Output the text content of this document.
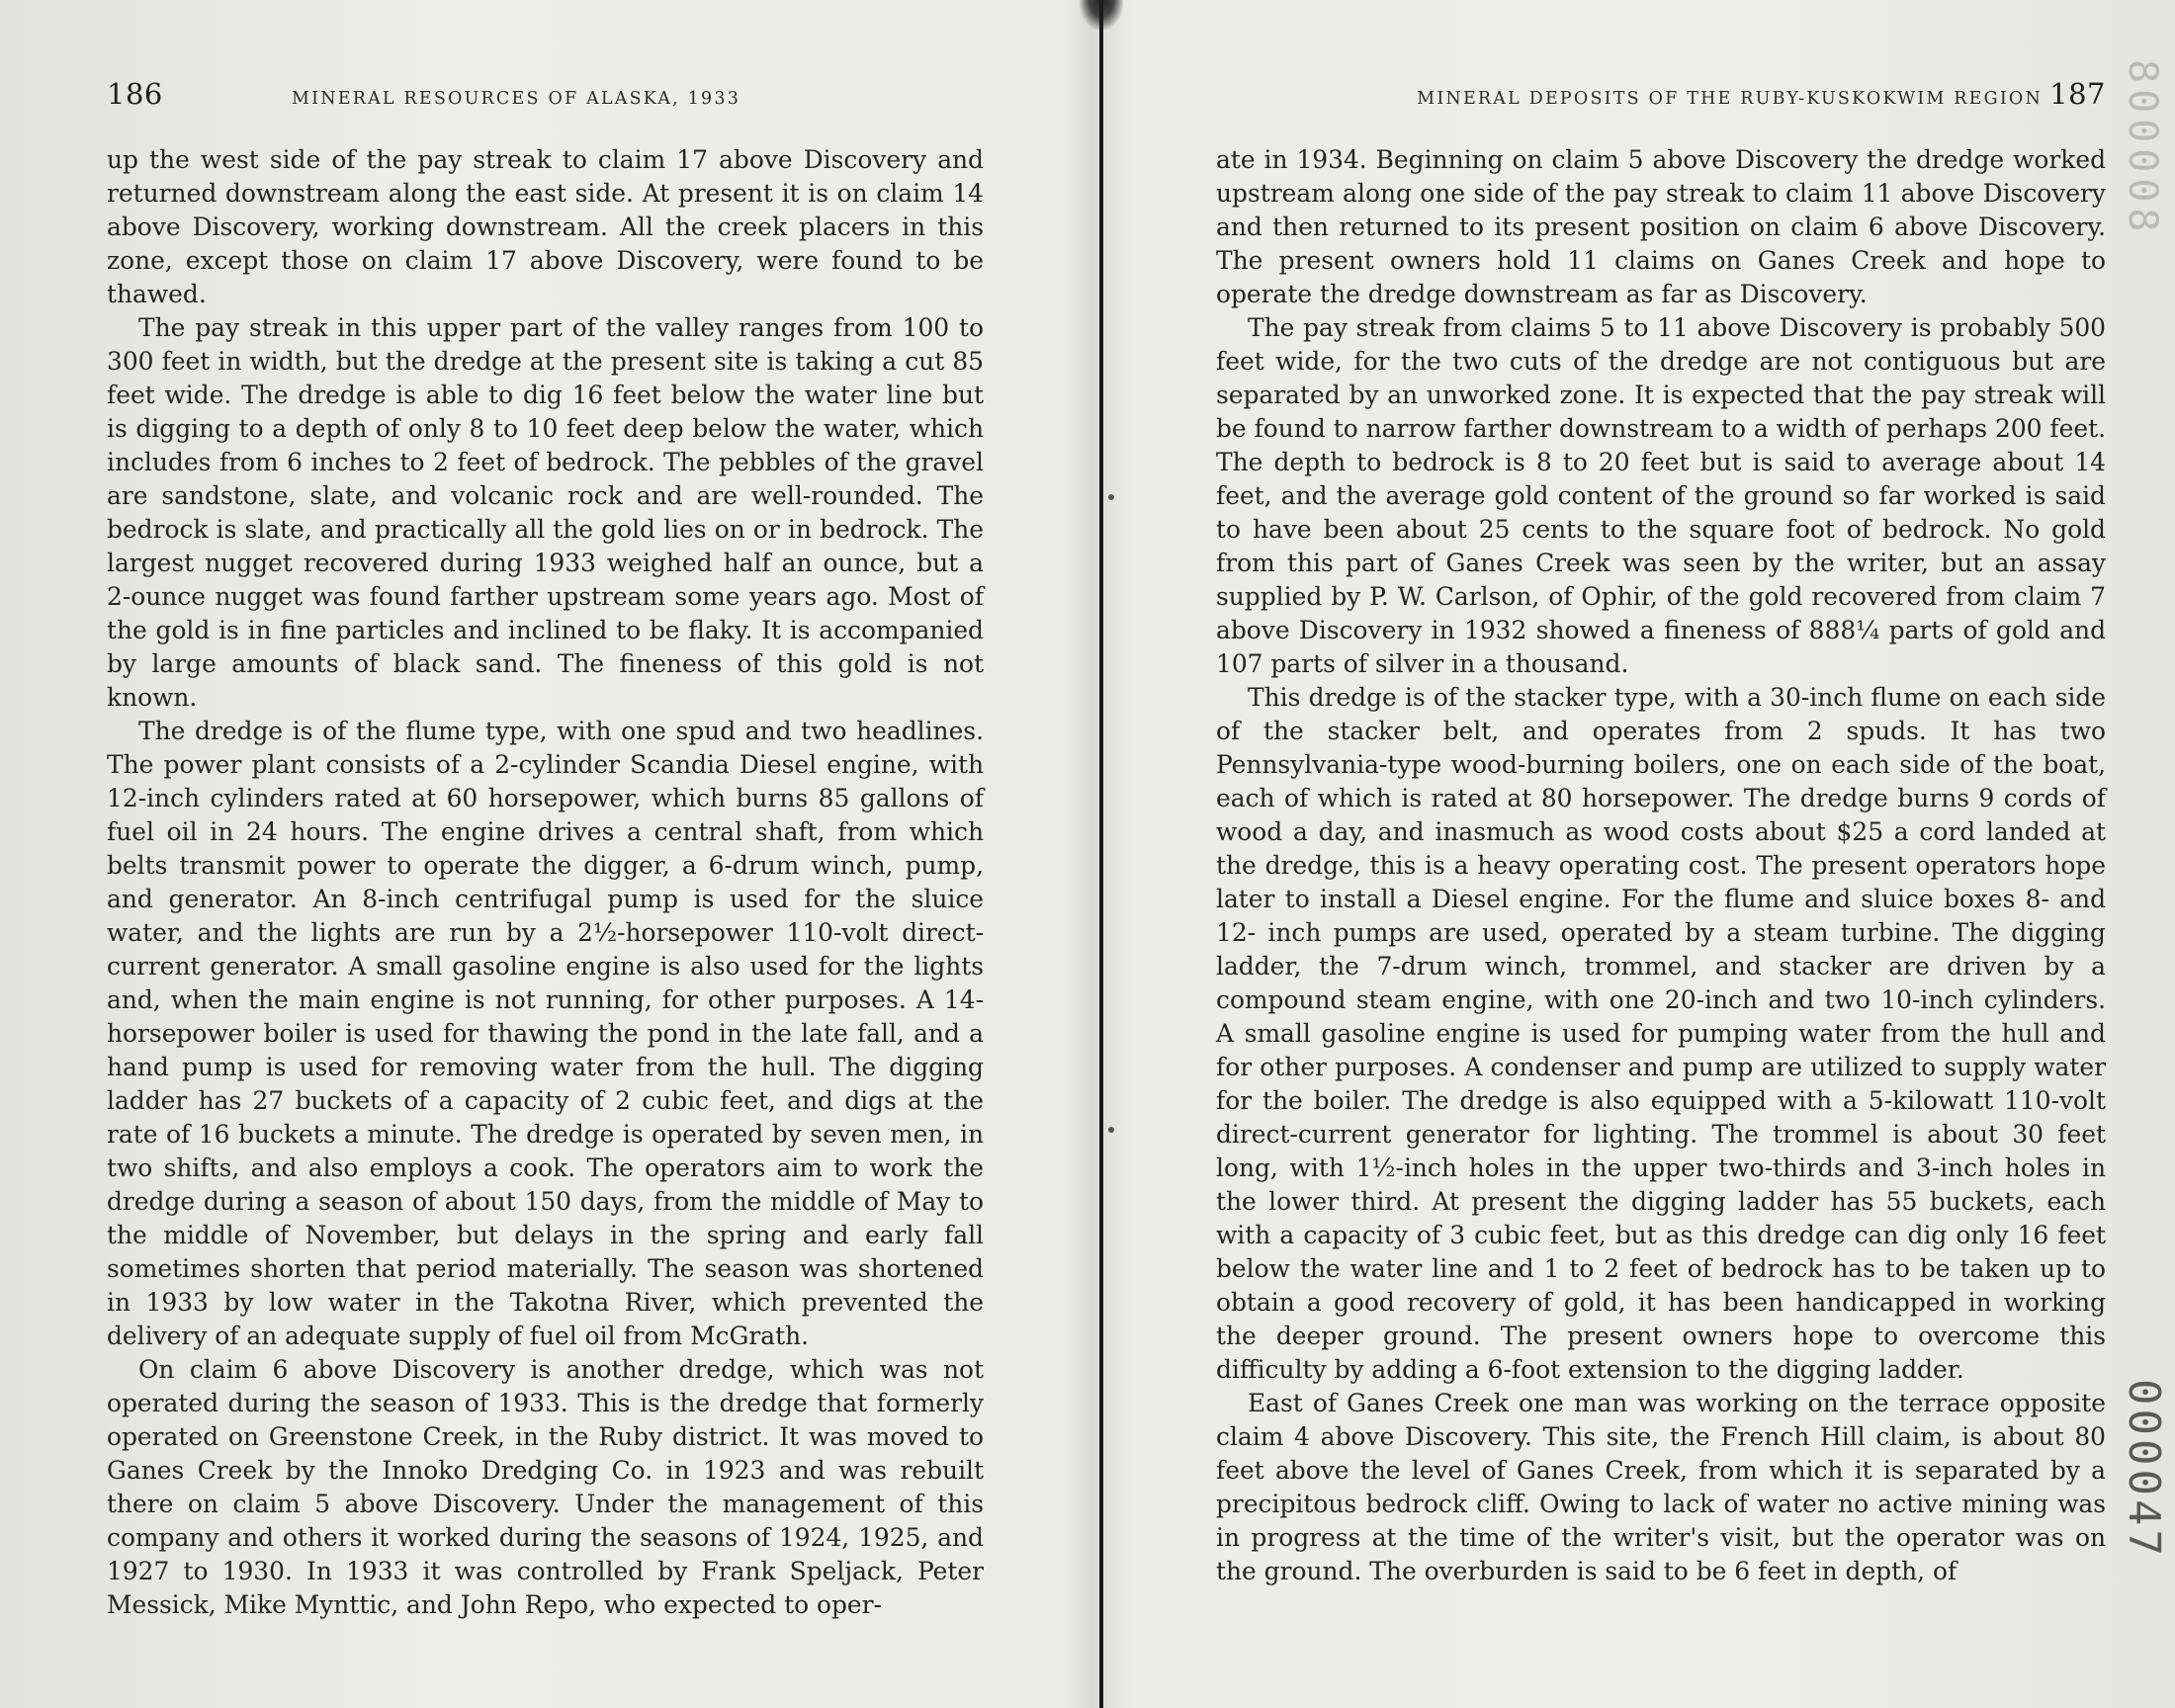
186	MINERAL RESOURCES OF ALASKA, 1933

up the west side of the pay streak to claim 17 above Discovery and returned downstream along the east side. At present it is on claim 14 above Discovery, working downstream. All the creek placers in this zone, except those on claim 17 above Discovery, were found to be thawed.

The pay streak in this upper part of the valley ranges from 100 to 300 feet in width, but the dredge at the present site is taking a cut 85 feet wide. The dredge is able to dig 16 feet below the water line but is digging to a depth of only 8 to 10 feet deep below the water, which includes from 6 inches to 2 feet of bedrock. The pebbles of the gravel are sandstone, slate, and volcanic rock and are well-rounded. The bedrock is slate, and practically all the gold lies on or in bedrock. The largest nugget recovered during 1933 weighed half an ounce, but a 2-ounce nugget was found farther upstream some years ago. Most of the gold is in fine particles and inclined to be flaky. It is accompanied by large amounts of black sand. The fineness of this gold is not known.

The dredge is of the flume type, with one spud and two headlines. The power plant consists of a 2-cylinder Scandia Diesel engine, with 12-inch cylinders rated at 60 horsepower, which burns 85 gallons of fuel oil in 24 hours. The engine drives a central shaft, from which belts transmit power to operate the digger, a 6-drum winch, pump, and generator. An 8-inch centrifugal pump is used for the sluice water, and the lights are run by a 2½-horsepower 110-volt direct-current generator. A small gasoline engine is also used for the lights and, when the main engine is not running, for other purposes. A 14-horsepower boiler is used for thawing the pond in the late fall, and a hand pump is used for removing water from the hull. The digging ladder has 27 buckets of a capacity of 2 cubic feet, and digs at the rate of 16 buckets a minute. The dredge is operated by seven men, in two shifts, and also employs a cook. The operators aim to work the dredge during a season of about 150 days, from the middle of May to the middle of November, but delays in the spring and early fall sometimes shorten that period materially. The season was shortened in 1933 by low water in the Takotna River, which prevented the delivery of an adequate supply of fuel oil from McGrath.

On claim 6 above Discovery is another dredge, which was not operated during the season of 1933. This is the dredge that formerly operated on Greenstone Creek, in the Ruby district. It was moved to Ganes Creek by the Innoko Dredging Co. in 1923 and was rebuilt there on claim 5 above Discovery. Under the management of this company and others it worked during the seasons of 1924, 1925, and 1927 to 1930. In 1933 it was controlled by Frank Speljack, Peter Messick, Mike Mynttic, and John Repo, who expected to oper-

MINERAL DEPOSITS OF THE RUBY-KUSKOKWIM REGION 187

ate in 1934. Beginning on claim 5 above Discovery the dredge worked upstream along one side of the pay streak to claim 11 above Discovery and then returned to its present position on claim 6 above Discovery. The present owners hold 11 claims on Ganes Creek and hope to operate the dredge downstream as far as Discovery.

The pay streak from claims 5 to 11 above Discovery is probably 500 feet wide, for the two cuts of the dredge are not contiguous but are separated by an unworked zone. It is expected that the pay streak will be found to narrow farther downstream to a width of perhaps 200 feet. The depth to bedrock is 8 to 20 feet but is said to average about 14 feet, and the average gold content of the ground so far worked is said to have been about 25 cents to the square foot of bedrock. No gold from this part of Ganes Creek was seen by the writer, but an assay supplied by P. W. Carlson, of Ophir, of the gold recovered from claim 7 above Discovery in 1932 showed a fineness of 888¼ parts of gold and 107 parts of silver in a thousand.

This dredge is of the stacker type, with a 30-inch flume on each side of the stacker belt, and operates from 2 spuds. It has two Pennsylvania-type wood-burning boilers, one on each side of the boat, each of which is rated at 80 horsepower. The dredge burns 9 cords of wood a day, and inasmuch as wood costs about $25 a cord landed at the dredge, this is a heavy operating cost. The present operators hope later to install a Diesel engine. For the flume and sluice boxes 8- and 12- inch pumps are used, operated by a steam turbine. The digging ladder, the 7-drum winch, trommel, and stacker are driven by a compound steam engine, with one 20-inch and two 10-inch cylinders. A small gasoline engine is used for pumping water from the hull and for other purposes. A condenser and pump are utilized to supply water for the boiler. The dredge is also equipped with a 5-kilowatt 110-volt direct-current generator for lighting. The trommel is about 30 feet long, with 1½-inch holes in the upper two-thirds and 3-inch holes in the lower third. At present the digging ladder has 55 buckets, each with a capacity of 3 cubic feet, but as this dredge can dig only 16 feet below the water line and 1 to 2 feet of bedrock has to be taken up to obtain a good recovery of gold, it has been handicapped in working the deeper ground. The present owners hope to overcome this difficulty by adding a 6-foot extension to the digging ladder.

East of Ganes Creek one man was working on the terrace opposite claim 4 above Discovery. This site, the French Hill claim, is about 80 feet above the level of Ganes Creek, from which it is separated by a precipitous bedrock cliff. Owing to lack of water no active mining was in progress at the time of the writer's visit, but the operator was on the ground. The overburden is said to be 6 feet in depth, of

800008
000047
